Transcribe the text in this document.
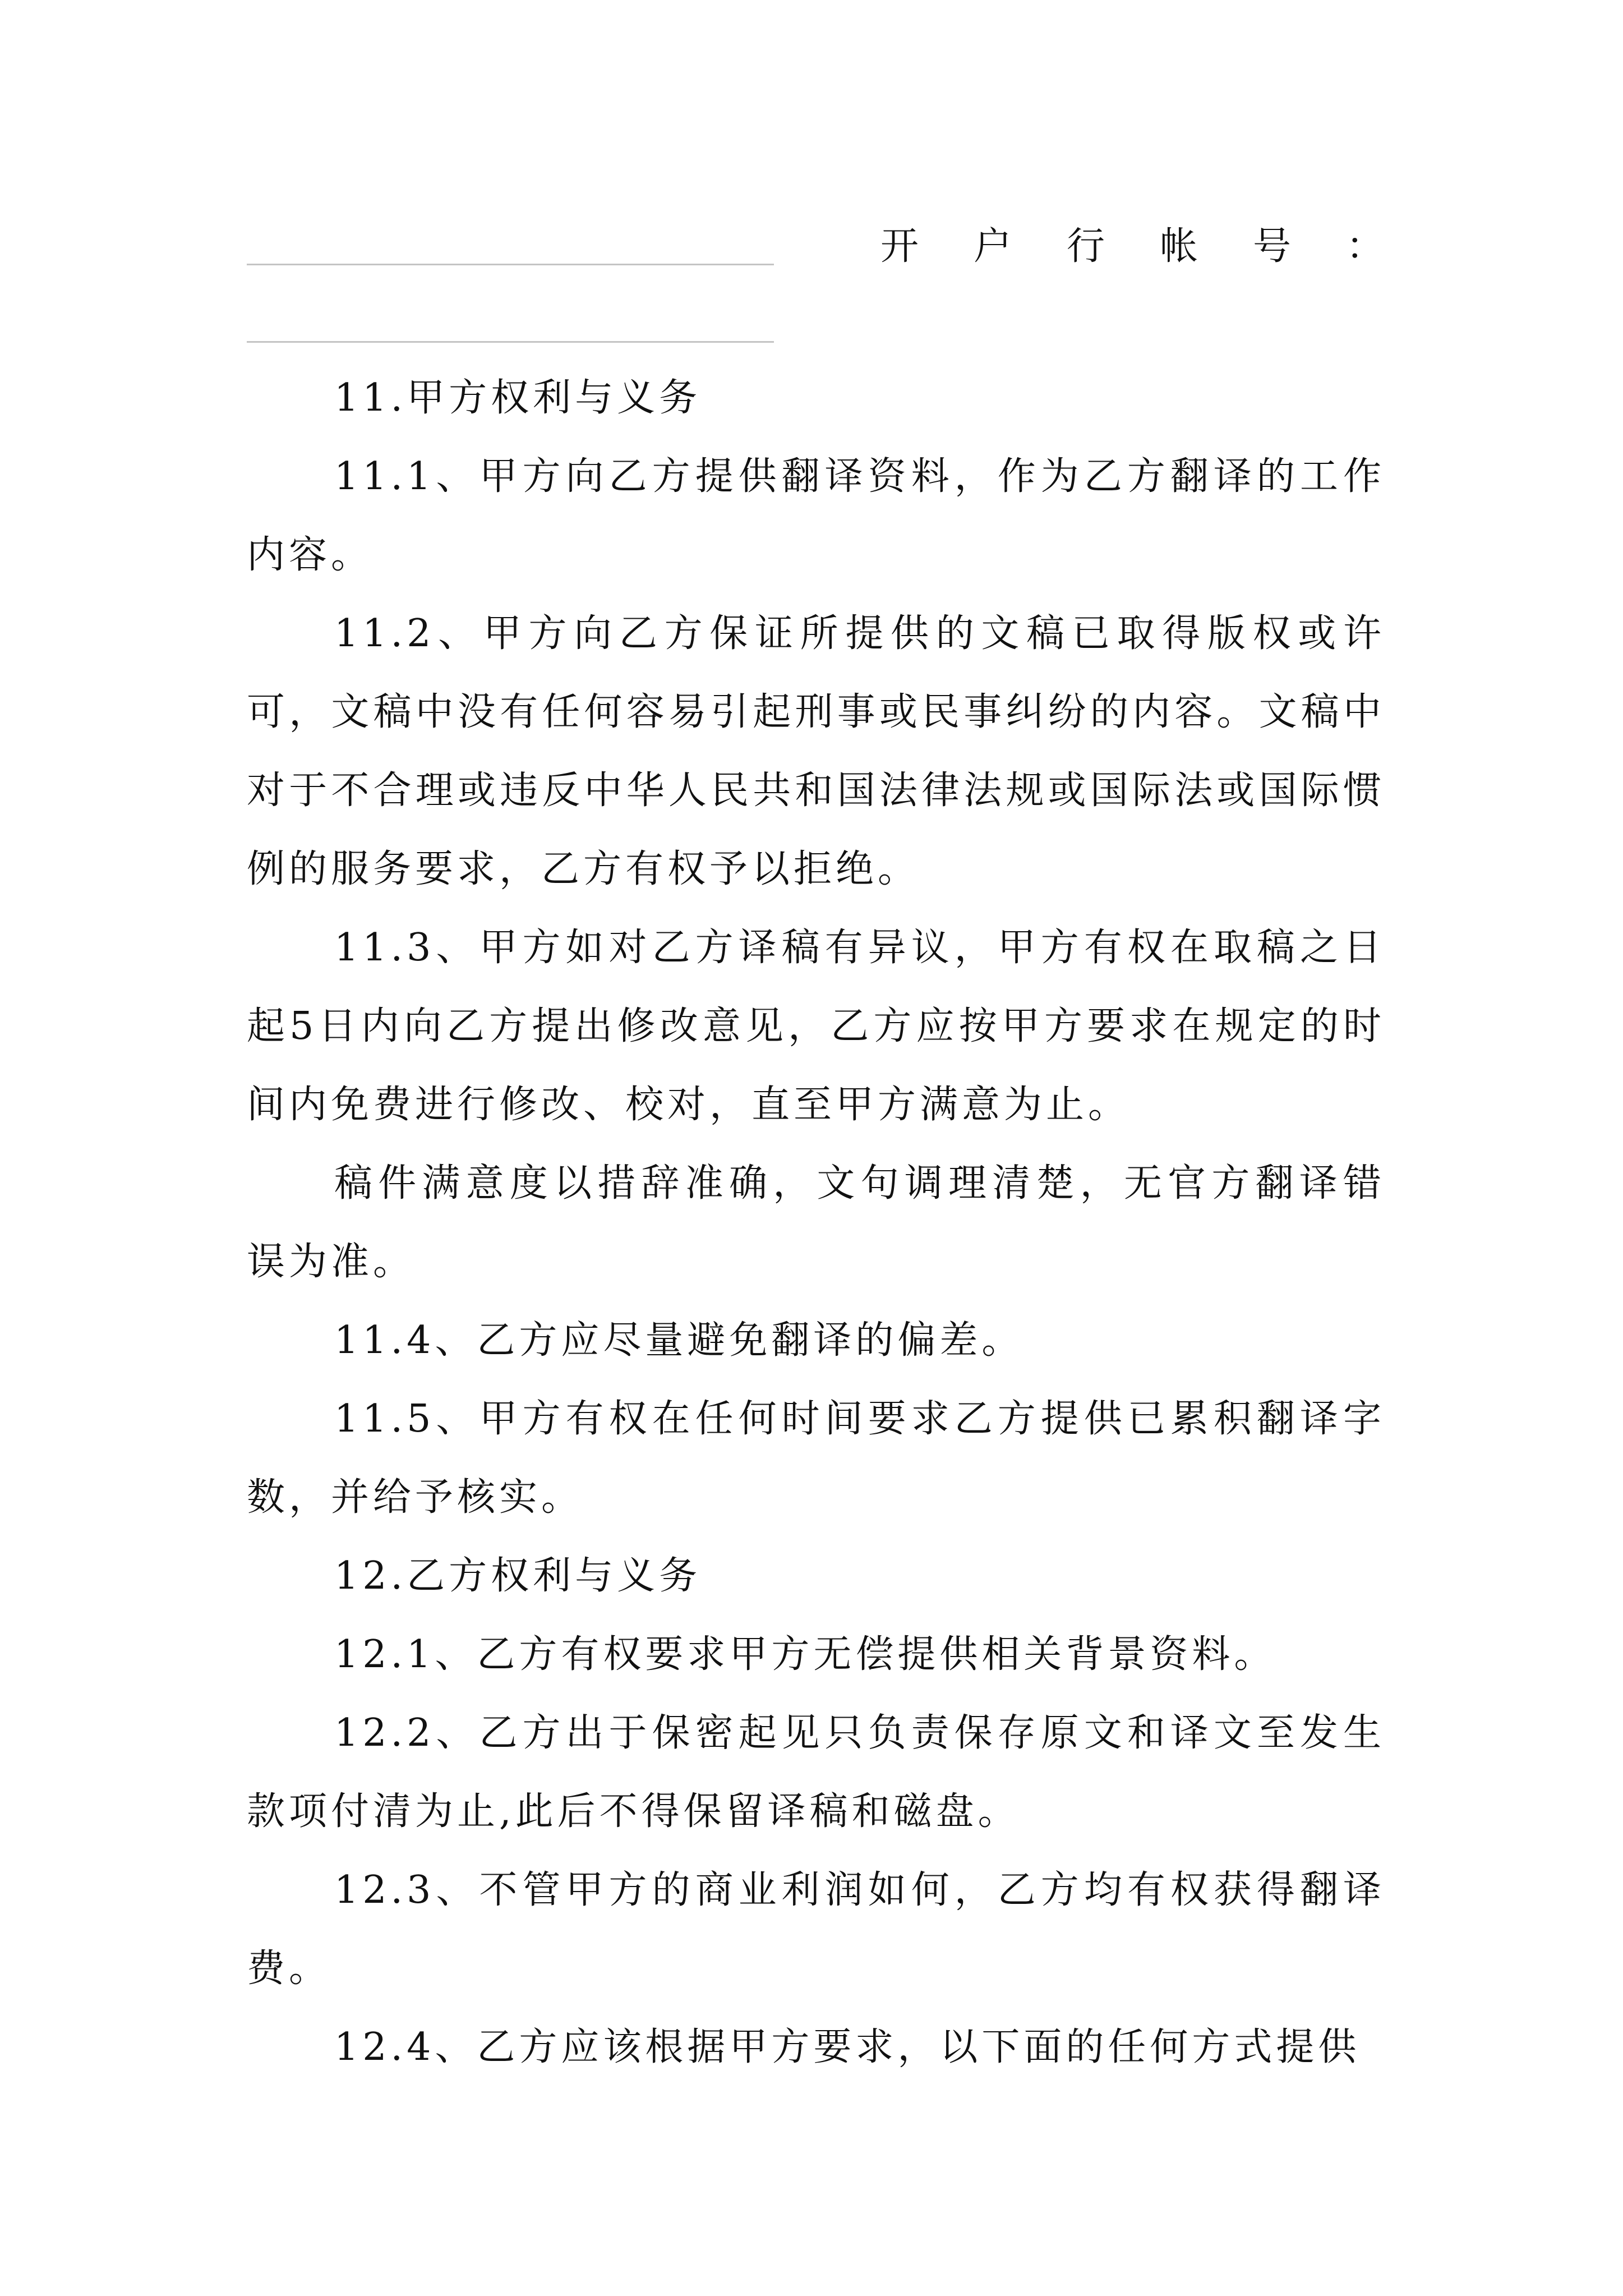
开户行帐号：

11.甲方权利与义务

11.1、甲方向乙方提供翻译资料，作为乙方翻译的工作内容。

11.2、甲方向乙方保证所提供的文稿已取得版权或许可，文稿中没有任何容易引起刑事或民事纠纷的内容。文稿中对于不合理或违反中华人民共和国法律法规或国际法或国际惯例的服务要求，乙方有权予以拒绝。

11.3、甲方如对乙方译稿有异议，甲方有权在取稿之日起5日内向乙方提出修改意见，乙方应按甲方要求在规定的时间内免费进行修改、校对，直至甲方满意为止。

稿件满意度以措辞准确，文句调理清楚，无官方翻译错误为准。

11.4、乙方应尽量避免翻译的偏差。

11.5、甲方有权在任何时间要求乙方提供已累积翻译字数，并给予核实。

12.乙方权利与义务

12.1、乙方有权要求甲方无偿提供相关背景资料。

12.2、乙方出于保密起见只负责保存原文和译文至发生款项付清为止,此后不得保留译稿和磁盘。

12.3、不管甲方的商业利润如何，乙方均有权获得翻译费。

12.4、乙方应该根据甲方要求，以下面的任何方式提供
